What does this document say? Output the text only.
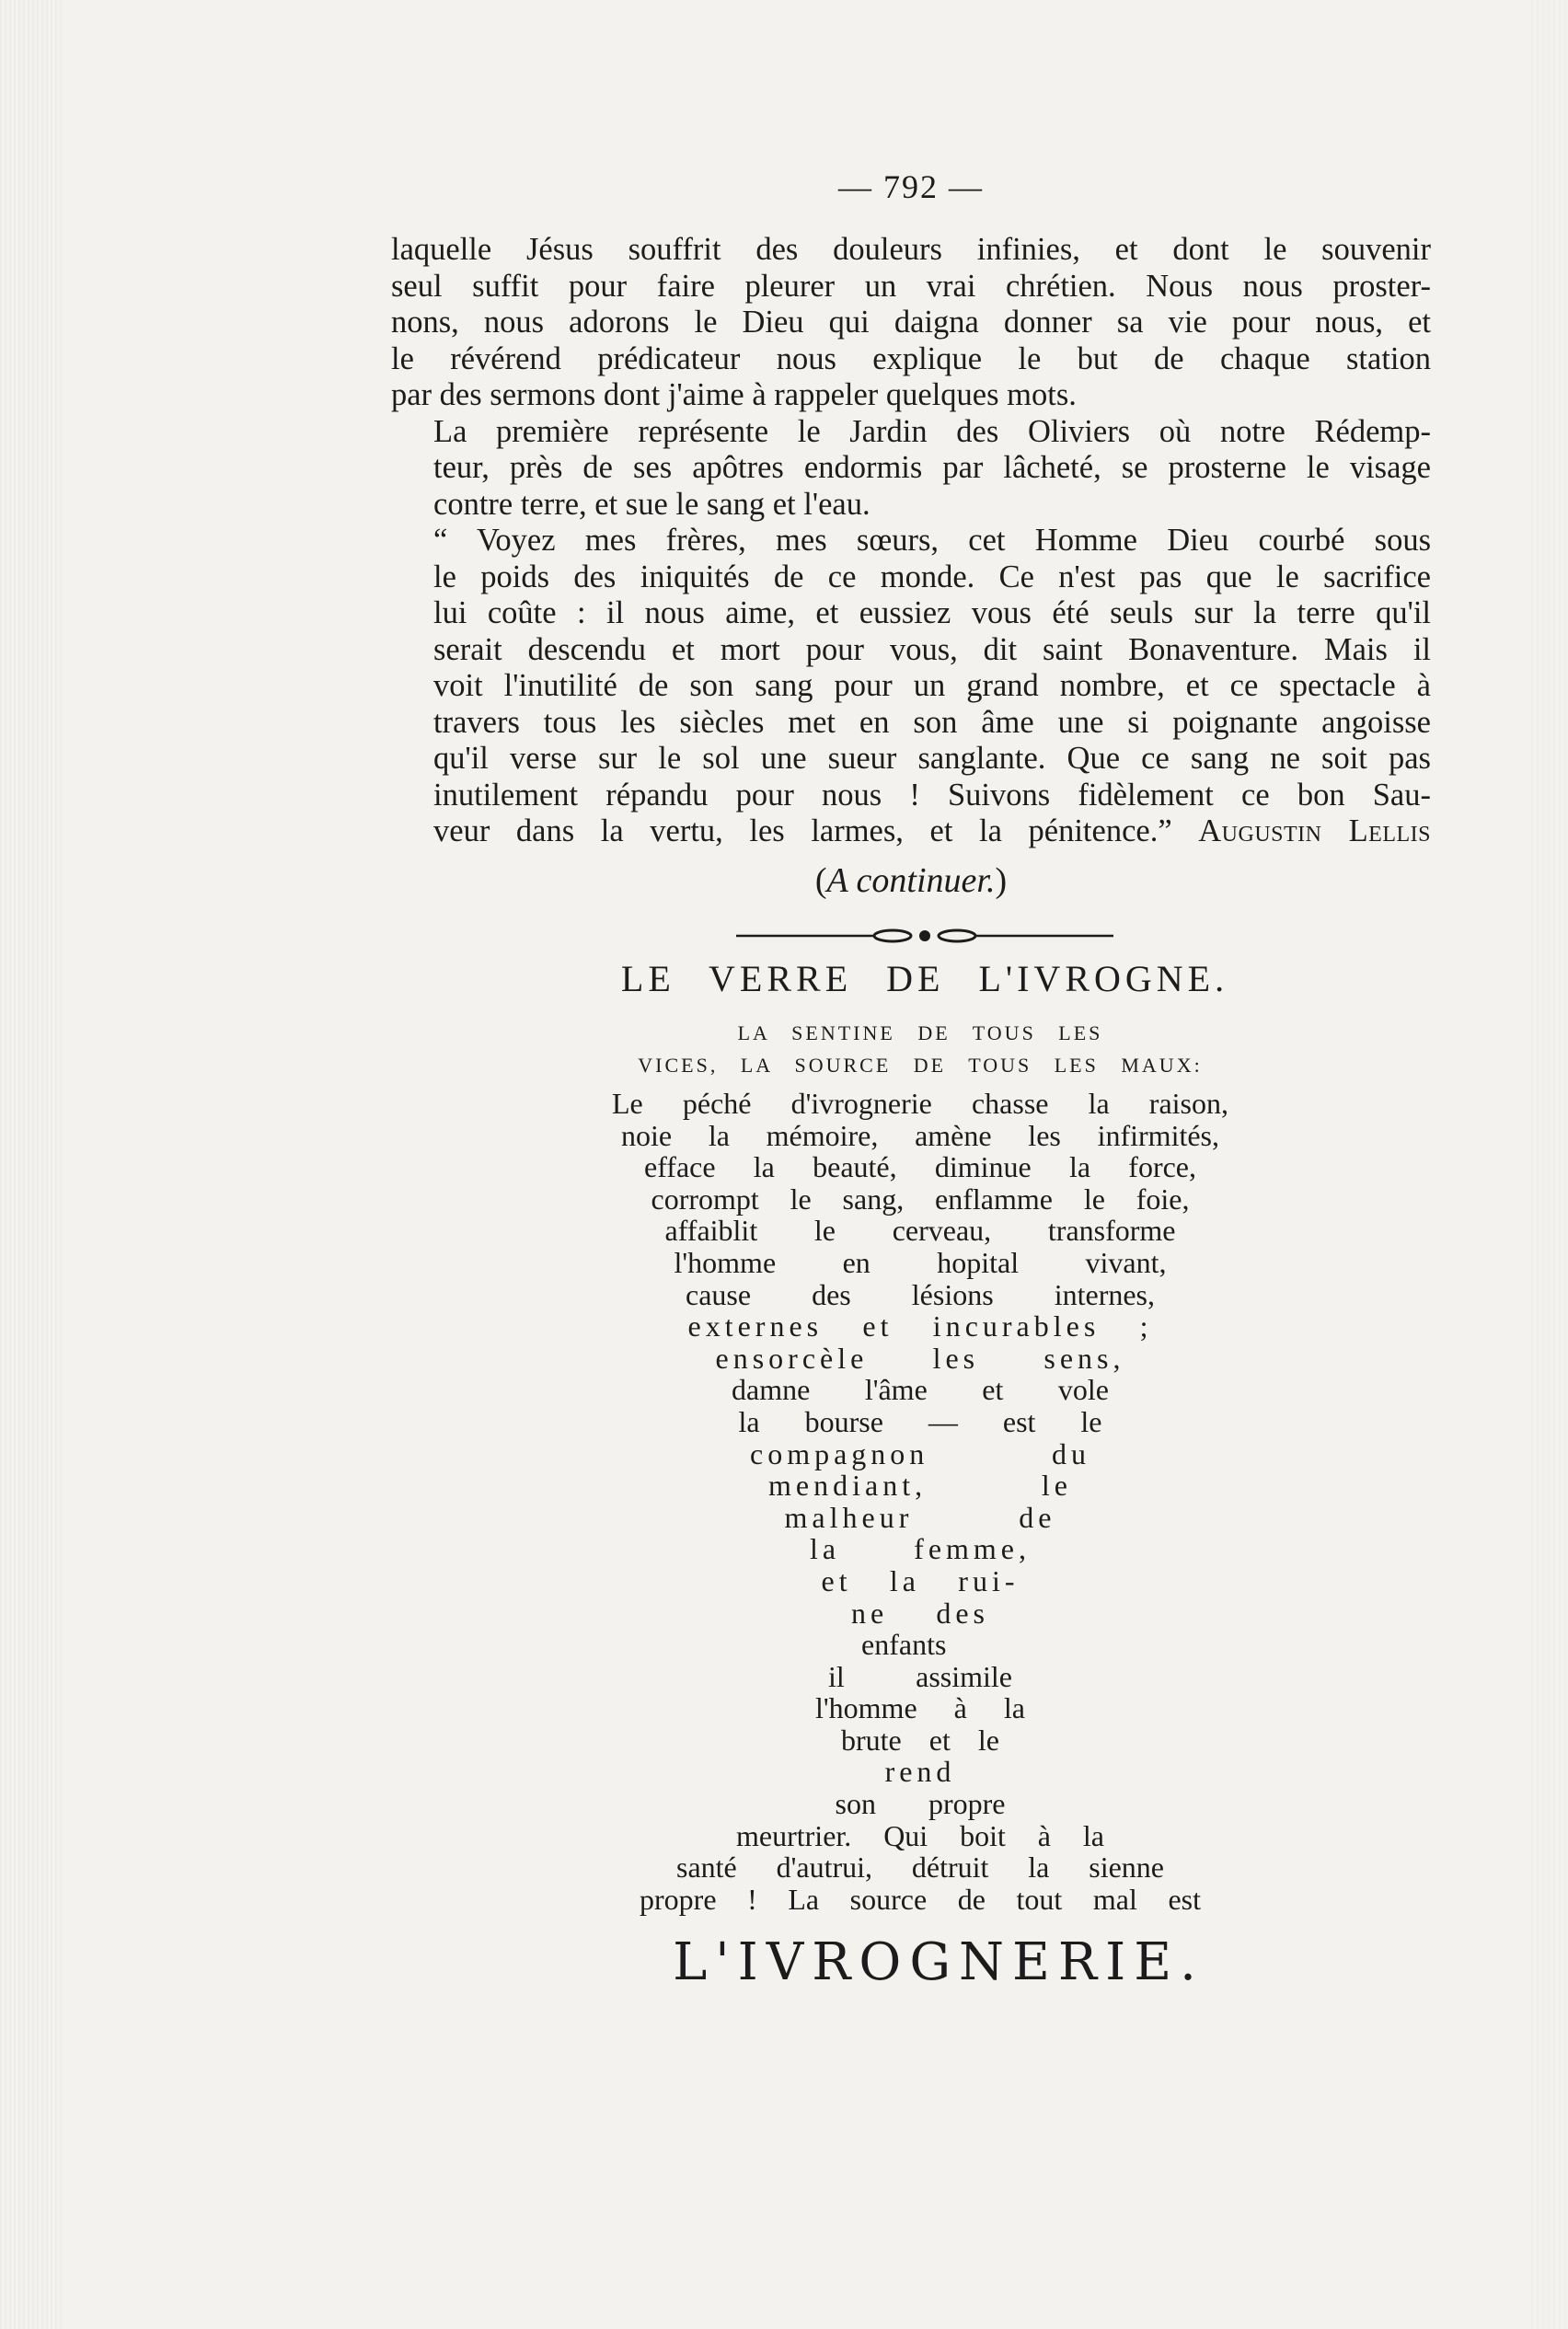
— 792 —

laquelle Jésus souffrit des douleurs infinies, et dont le souvenir
seul suffit pour faire pleurer un vrai chrétien. Nous nous proster-
nons, nous adorons le Dieu qui daigna donner sa vie pour nous, et
le révérend prédicateur nous explique le but de chaque station
par des sermons dont j'aime à rappeler quelques mots.

La première représente le Jardin des Oliviers où notre Rédemp-
teur, près de ses apôtres endormis par lâcheté, se prosterne le visage
contre terre, et sue le sang et l'eau.

“ Voyez mes frères, mes sœurs, cet Homme Dieu courbé sous
le poids des iniquités de ce monde. Ce n'est pas que le sacrifice
lui coûte : il nous aime, et eussiez vous été seuls sur la terre qu'il
serait descendu et mort pour vous, dit saint Bonaventure. Mais il
voit l'inutilité de son sang pour un grand nombre, et ce spectacle à
travers tous les siècles met en son âme une si poignante angoisse
qu'il verse sur le sol une sueur sanglante. Que ce sang ne soit pas
inutilement répandu pour nous ! Suivons fidèlement ce bon Sau-
veur dans la vertu, les larmes, et la pénitence.” Augustin Lellis

(A continuer.)
LE VERRE DE L'IVROGNE.
LA SENTINE DE TOUS LES
VICES, LA SOURCE DE TOUS LES MAUX:
Le péché d'ivrognerie chasse la raison,
noie la mémoire, amène les infirmités,
efface la beauté, diminue la force,
corrompt le sang, enflamme le foie,
affaiblit le cerveau, transforme
l'homme en hopital vivant,
cause des lésions internes,
externes et incurables ;
ensorcèle les sens,
damne l'âme et vole
la bourse — est le
compagnon du
mendiant, le
malheur de
la femme,
et la rui-
ne des
enfants
il assimile
l'homme à la
brute et le
rend
son propre
meurtrier. Qui boit à la
santé d'autrui, détruit la sienne
propre ! La source de tout mal est
L'IVROGNERIE.
